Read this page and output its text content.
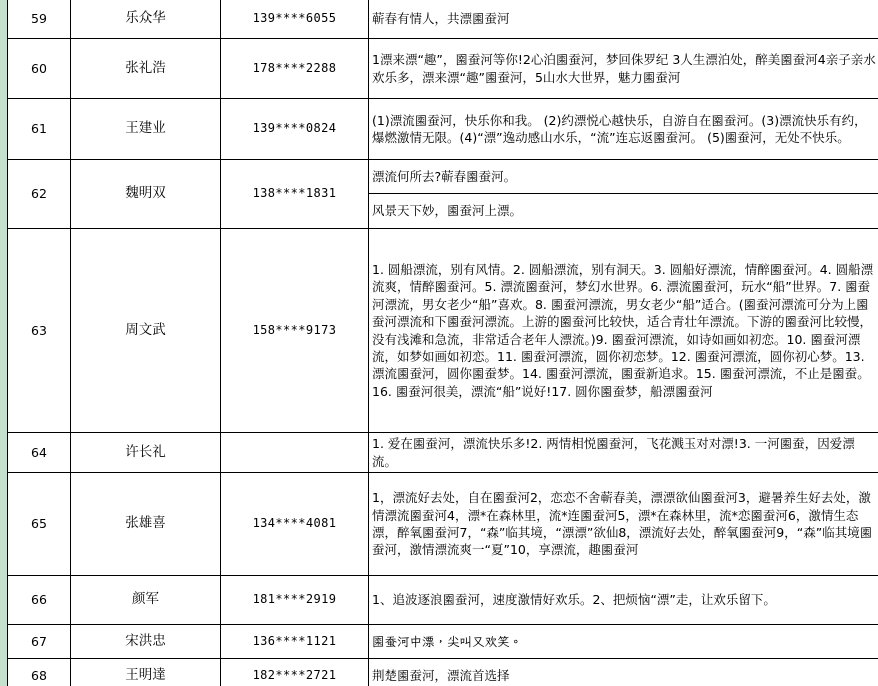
59	乐众华	139****6055	蕲春有情人，共漂𪢮蚕河
60	张礼浩	178****2288	1漂来漂“趣”，𪢮蚕河等你!2心泊𪢮蚕河，梦回侏罗纪 3人生漂泊处，醉美𪢮蚕河4亲子亲水欢乐多，漂来漂“趣”𪢮蚕河，5山水大世界，魅力𪢮蚕河
61	王建业	139****0824	(1)漂流𪢮蚕河，快乐你和我。 (2)约漂悦心越快乐，自游自在𪢮蚕河。(3)漂流快乐有约，爆燃激情无限。(4)“漂”逸动感山水乐，“流”连忘返𪢮蚕河。 (5)𪢮蚕河，无处不快乐。
62	魏明双	138****1831	漂流何所去?蕲春𪢮蚕河。
			风景天下妙，𪢮蚕河上漂。
63	周文武	158****9173	1. 圆船漂流，别有风情。2. 圆船漂流，别有洞天。3. 圆船好漂流，情醉𪢮蚕河。4. 圆船漂流爽，情醉𪢮蚕河。5. 漂流𪢮蚕河，梦幻水世界。6. 漂流𪢮蚕河，玩水“船”世界。7. 𪢮蚕河漂流，男女老少“船”喜欢。8. 𪢮蚕河漂流，男女老少“船”适合。(𪢮蚕河漂流可分为上𪢮蚕河漂流和下𪢮蚕河漂流。上游的𪢮蚕河比较快，适合青壮年漂流。下游的𪢮蚕河比较慢，没有浅滩和急流，非常适合老年人漂流。)9. 𪢮蚕河漂流，如诗如画如初恋。10. 𪢮蚕河漂流，如梦如画如初恋。11. 𪢮蚕河漂流，圆你初恋梦。12. 𪢮蚕河漂流，圆你初心梦。13. 漂流𪢮蚕河，圆你𪢮蚕梦。14. 𪢮蚕河漂流，𪢮蚕新追求。15. 𪢮蚕河漂流，不止是𪢮蚕。16. 𪢮蚕河很美，漂流“船”说好!17. 圆你𪢮蚕梦，船漂𪢮蚕河
64	许长礼		1. 爱在𪢮蚕河，漂流快乐多!2. 两情相悦𪢮蚕河，飞花溅玉对对漂!3. 一河𪢮蚕，因爱漂流。
65	张雄喜	134****4081	1，漂流好去处，自在𪢮蚕河2，恋恋不舍蕲春美，漂漂欲仙𪢮蚕河3，避暑养生好去处，激情漂流𪢮蚕河4，漂*在森林里，流*连𪢮蚕河5，漂*在森林里，流*恋𪢮蚕河6，激情生态漂，醉氧𪢮蚕河7，“森”临其境，“漂漂”欲仙8，漂流好去处，醉氧𪢮蚕河9，“森”临其境𪢮蚕河，激情漂流爽一“夏”10，享漂流，趣𪢮蚕河
66	颜军	181****2919	1、追波逐浪𪢮蚕河，速度激情好欢乐。2、把烦恼“漂”走，让欢乐留下。
67	宋洪忠	136****1121	𪢮蚕河中漂，尖叫又欢笑。
68	王明達	182****2721	荆楚𪢮蚕河，漂流首选择
